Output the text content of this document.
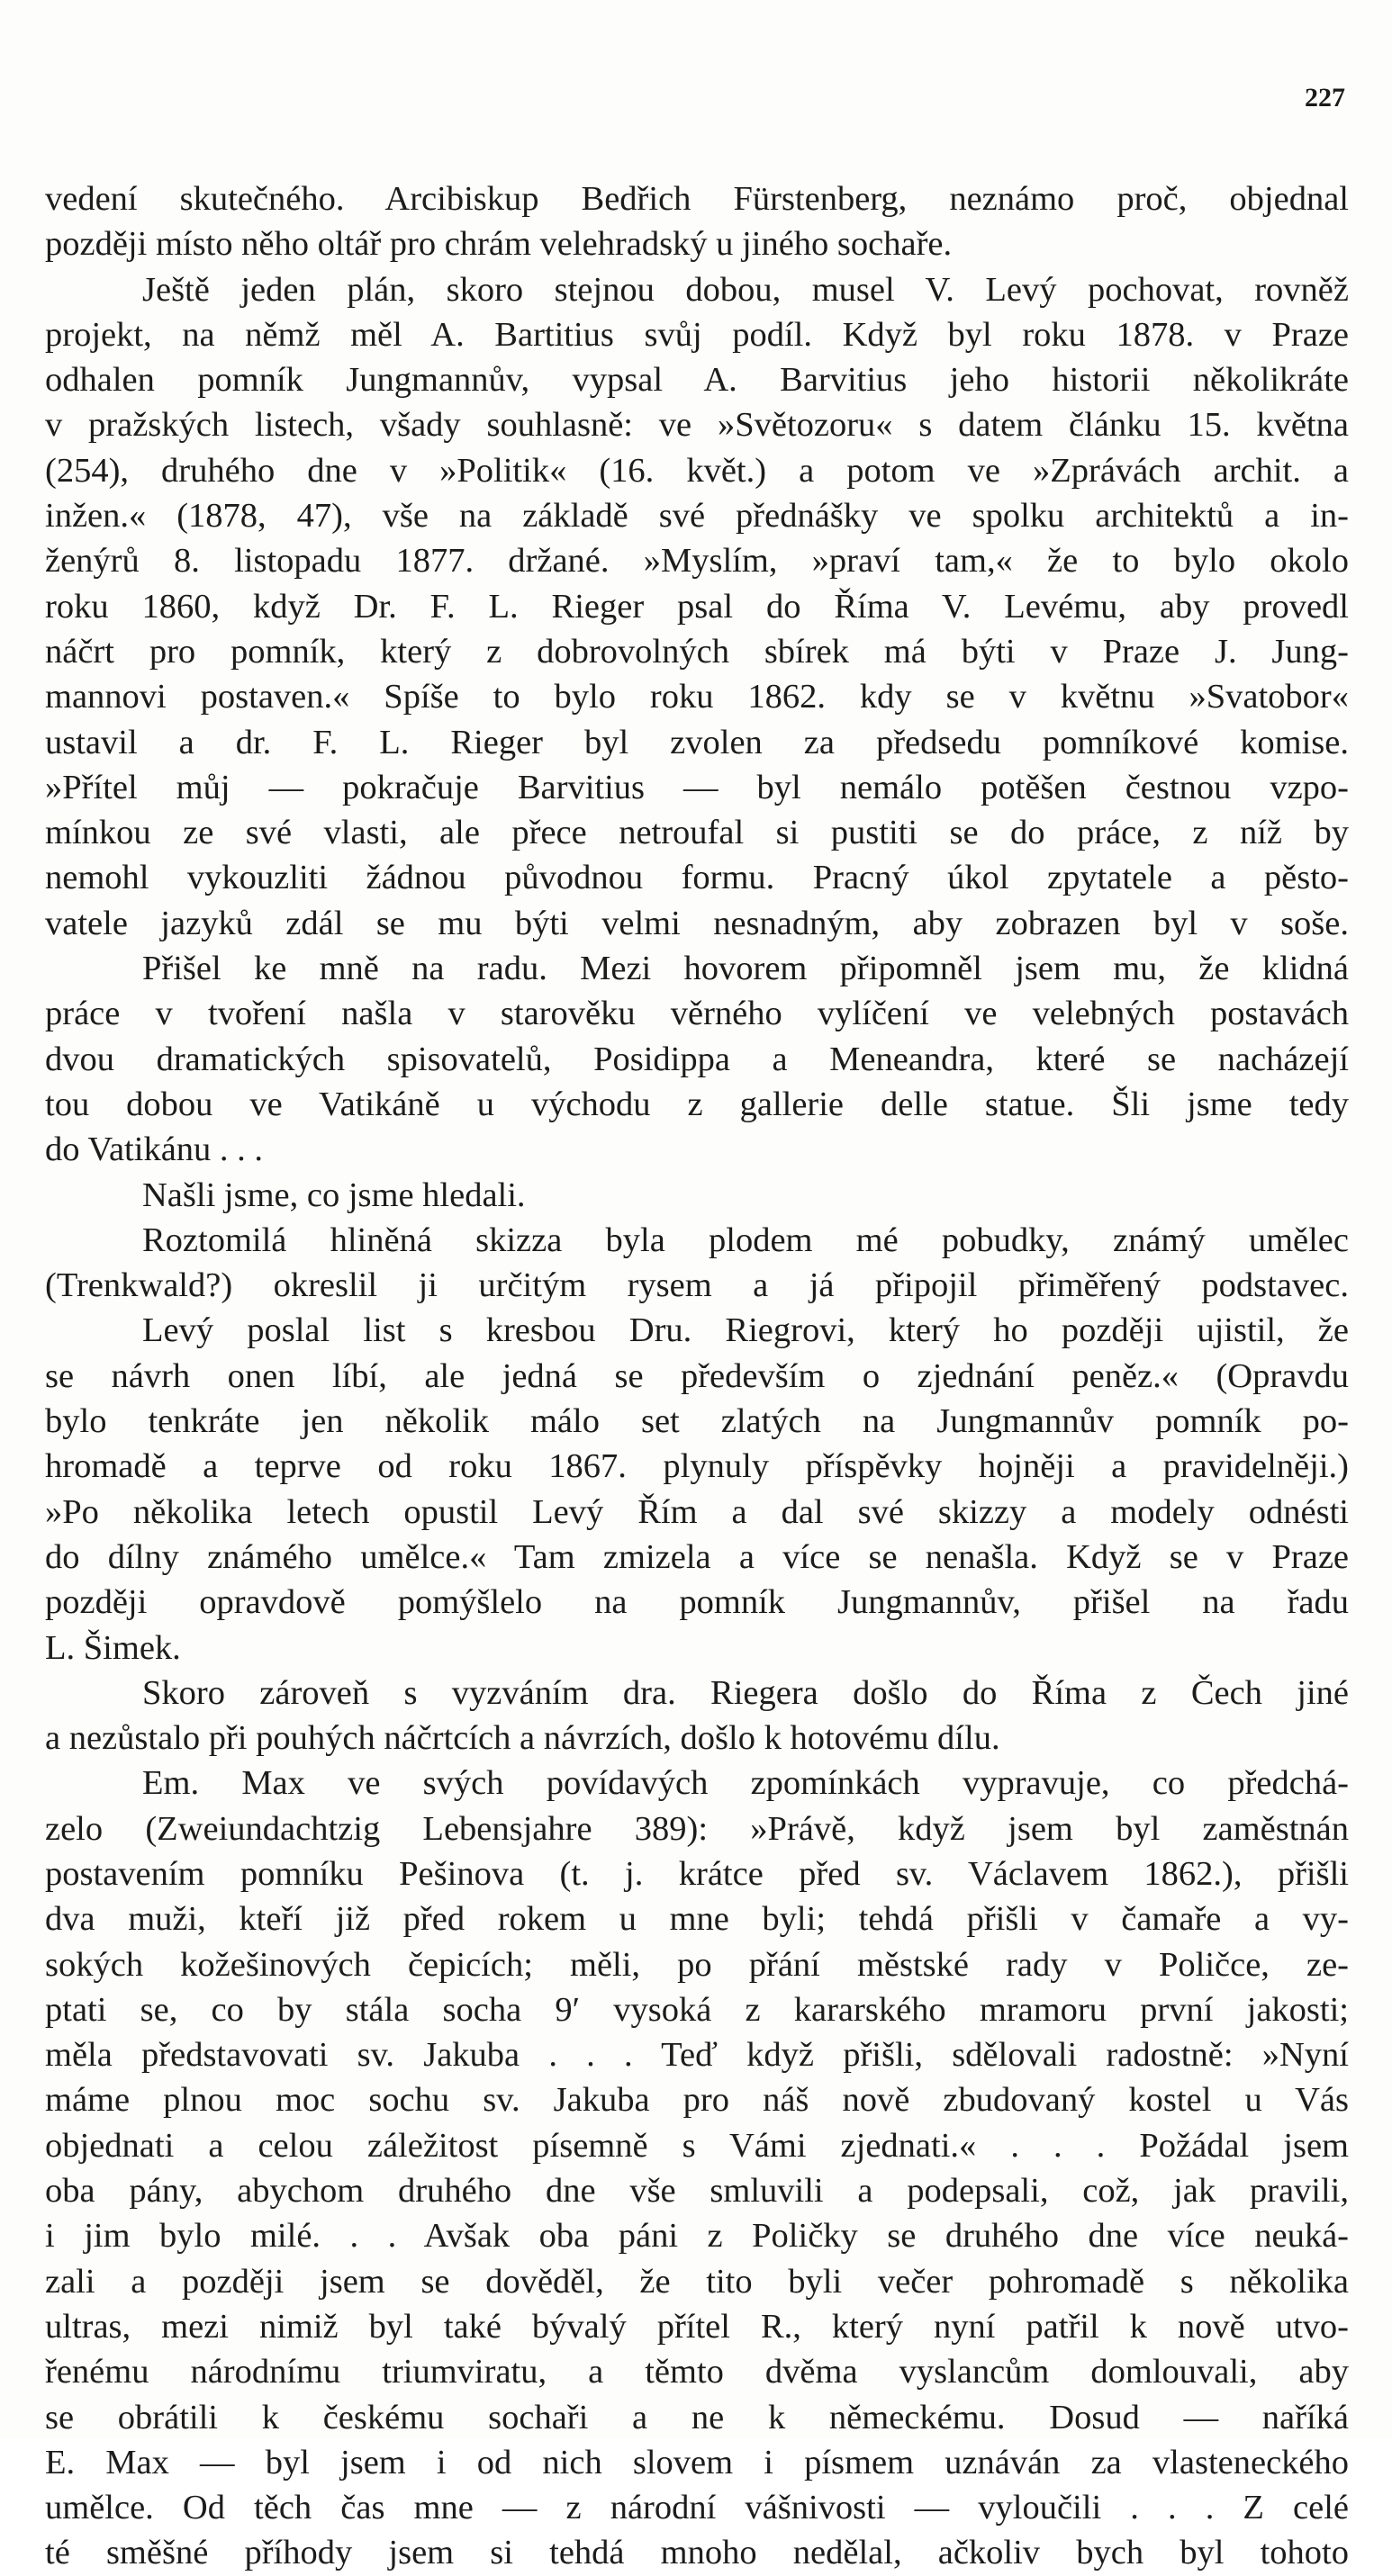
227
vedení skutečného. Arcibiskup Bedřich Fürstenberg, neznámo proč, objednal
později místo něho oltář pro chrám velehradský u jiného sochaře.
Ještě jeden plán, skoro stejnou dobou, musel V. Levý pochovat, rovněž
projekt, na němž měl A. Bartitius svůj podíl. Když byl roku 1878. v Praze
odhalen pomník Jungmannův, vypsal A. Barvitius jeho historii několikráte
v pražských listech, všady souhlasně: ve »Světozoru« s datem článku 15. května
(254), druhého dne v »Politik« (16. květ.) a potom ve »Zprávách archit. a
inžen.« (1878, 47), vše na základě své přednášky ve spolku architektů a in-
ženýrů 8. listopadu 1877. držané. »Myslím, »praví tam,« že to bylo okolo
roku 1860, když Dr. F. L. Rieger psal do Říma V. Levému, aby provedl
náčrt pro pomník, který z dobrovolných sbírek má býti v Praze J. Jung-
mannovi postaven.« Spíše to bylo roku 1862. kdy se v květnu »Svatobor«
ustavil a dr. F. L. Rieger byl zvolen za předsedu pomníkové komise.
»Přítel můj — pokračuje Barvitius — byl nemálo potěšen čestnou vzpo-
mínkou ze své vlasti, ale přece netroufal si pustiti se do práce, z níž by
nemohl vykouzliti žádnou původnou formu. Pracný úkol zpytatele a pěsto-
vatele jazyků zdál se mu býti velmi nesnadným, aby zobrazen byl v soše.
Přišel ke mně na radu. Mezi hovorem připomněl jsem mu, že klidná
práce v tvoření našla v starověku věrného vylíčení ve velebných postavách
dvou dramatických spisovatelů, Posidippa a Meneandra, které se nacházejí
tou dobou ve Vatikáně u východu z gallerie delle statue. Šli jsme tedy
do Vatikánu . . .
Našli jsme, co jsme hledali.
Roztomilá hliněná skizza byla plodem mé pobudky, známý umělec
(Trenkwald?) okreslil ji určitým rysem a já připojil přiměřený podstavec.
Levý poslal list s kresbou Dru. Riegrovi, který ho později ujistil, že
se návrh onen líbí, ale jedná se především o zjednání peněz.« (Opravdu
bylo tenkráte jen několik málo set zlatých na Jungmannův pomník po-
hromadě a teprve od roku 1867. plynuly příspěvky hojněji a pravidelněji.)
»Po několika letech opustil Levý Řím a dal své skizzy a modely odnésti
do dílny známého umělce.« Tam zmizela a více se nenašla. Když se v Praze
později opravdově pomýšlelo na pomník Jungmannův, přišel na řadu
L. Šimek.
Skoro zároveň s vyzváním dra. Riegera došlo do Říma z Čech jiné
a nezůstalo při pouhých náčrtcích a návrzích, došlo k hotovému dílu.
Em. Max ve svých povídavých zpomínkách vypravuje, co předchá-
zelo (Zweiundachtzig Lebensjahre 389): »Právě, když jsem byl zaměstnán
postavením pomníku Pešinova (t. j. krátce před sv. Václavem 1862.), přišli
dva muži, kteří již před rokem u mne byli; tehdá přišli v čamaře a vy-
sokých kožešinových čepicích; měli, po přání městské rady v Poličce, ze-
ptati se, co by stála socha 9′ vysoká z kararského mramoru první jakosti;
měla představovati sv. Jakuba . . . Teď když přišli, sdělovali radostně: »Nyní
máme plnou moc sochu sv. Jakuba pro náš nově zbudovaný kostel u Vás
objednati a celou záležitost písemně s Vámi zjednati.« . . . Požádal jsem
oba pány, abychom druhého dne vše smluvili a podepsali, což, jak pravili,
i jim bylo milé. . . Avšak oba páni z Poličky se druhého dne více neuká-
zali a později jsem se dověděl, že tito byli večer pohromadě s několika
ultras, mezi nimiž byl také bývalý přítel R., který nyní patřil k nově utvo-
řenému národnímu triumviratu, a těmto dvěma vyslancům domlouvali, aby
se obrátili k českému sochaři a ne k německému. Dosud — naříká
E. Max — byl jsem i od nich slovem i písmem uznáván za vlasteneckého
umělce. Od těch čas mne — z národní vášnivosti — vyloučili . . . Z celé
té směšné příhody jsem si tehdá mnoho nedělal, ačkoliv bych byl tohoto
